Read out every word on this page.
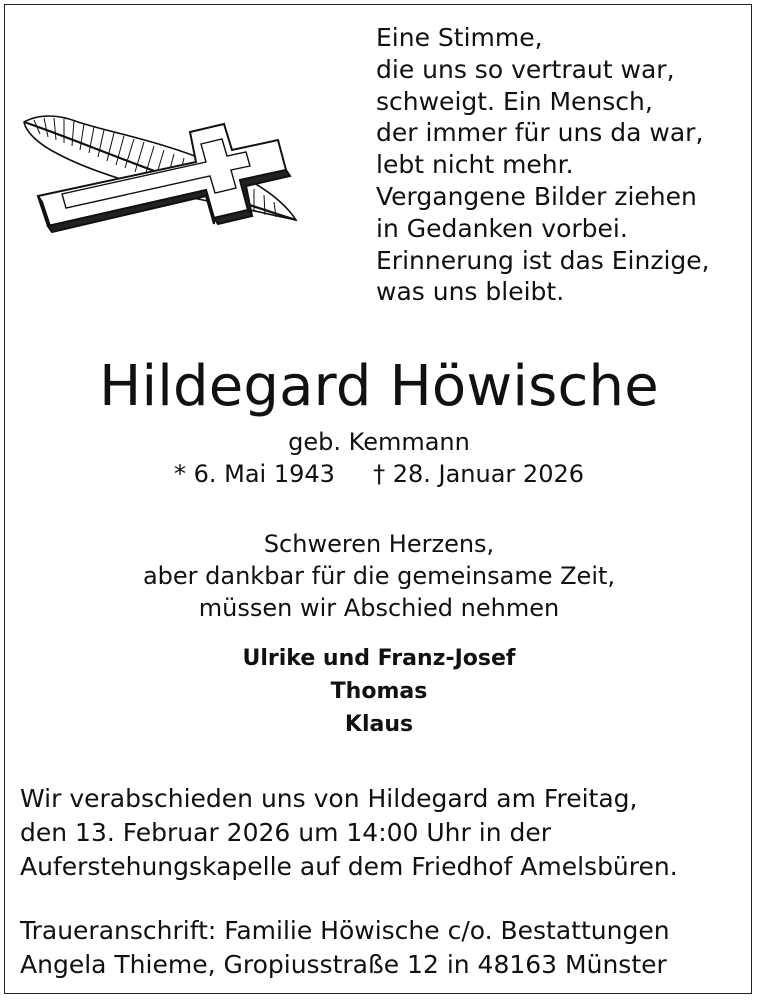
Eine Stimme,
die uns so vertraut war,
schweigt. Ein Mensch,
der immer für uns da war,
lebt nicht mehr.
Vergangene Bilder ziehen
in Gedanken vorbei.
Erinnerung ist das Einzige,
was uns bleibt.
Hildegard Höwische
geb. Kemmann
* 6. Mai 1943 † 28. Januar 2026
Schweren Herzens,
aber dankbar für die gemeinsame Zeit,
müssen wir Abschied nehmen
Ulrike und Franz-Josef
Thomas
Klaus
Wir verabschieden uns von Hildegard am Freitag,
den 13. Februar 2026 um 14:00 Uhr in der
Auferstehungskapelle auf dem Friedhof Amelsbüren.
Traueranschrift: Familie Höwische c/o. Bestattungen
Angela Thieme, Gropiusstraße 12 in 48163 Münster
